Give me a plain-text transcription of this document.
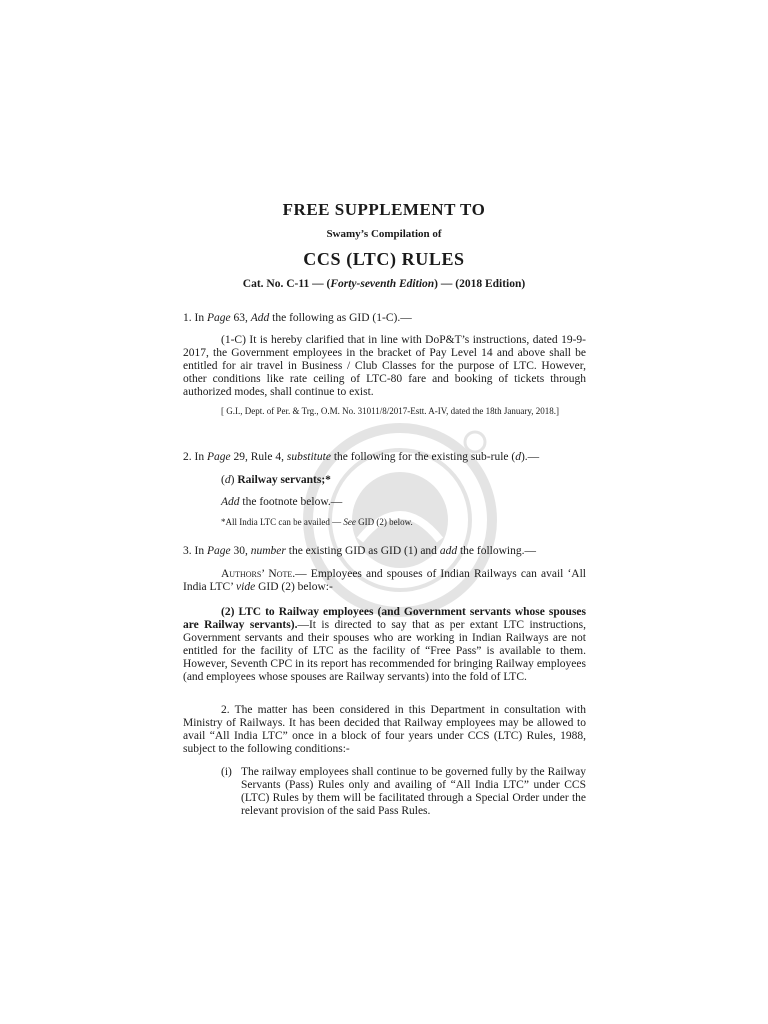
FREE SUPPLEMENT TO

Swamy’s Compilation of

CCS (LTC) RULES

Cat. No. C-11 — (Forty-seventh Edition) — (2018 Edition)

1. In Page 63, Add the following as GID (1-C).—

(1-C) It is hereby clarified that in line with DoP&T’s instructions, dated 19-9-2017, the Government employees in the bracket of Pay Level 14 and above shall be entitled for air travel in Business / Club Classes for the purpose of LTC. However, other conditions like rate ceiling of LTC-80 fare and booking of tickets through authorized modes, shall continue to exist.

[ G.I., Dept. of Per. & Trg., O.M. No. 31011/8/2017-Estt. A-IV, dated the 18th January, 2018.]

2. In Page 29, Rule 4, substitute the following for the existing sub-rule (d).—

(d) Railway servants;*

Add the footnote below.—

*All India LTC can be availed — See GID (2) below.

3. In Page 30, number the existing GID as GID (1) and add the following.—

Authors’ Note.— Employees and spouses of Indian Railways can avail ‘All India LTC’ vide GID (2) below:-

(2) LTC to Railway employees (and Government servants whose spouses are Railway servants).—It is directed to say that as per extant LTC instructions, Government servants and their spouses who are working in Indian Railways are not entitled for the facility of LTC as the facility of “Free Pass” is available to them. However, Seventh CPC in its report has recommended for bringing Railway employees (and employees whose spouses are Railway servants) into the fold of LTC.

2. The matter has been considered in this Department in consultation with Ministry of Railways. It has been decided that Railway employees may be allowed to avail “All India LTC” once in a block of four years under CCS (LTC) Rules, 1988, subject to the following conditions:-

(i) The railway employees shall continue to be governed fully by the Railway Servants (Pass) Rules only and availing of “All India LTC” under CCS (LTC) Rules by them will be facilitated through a Special Order under the relevant provision of the said Pass Rules.
